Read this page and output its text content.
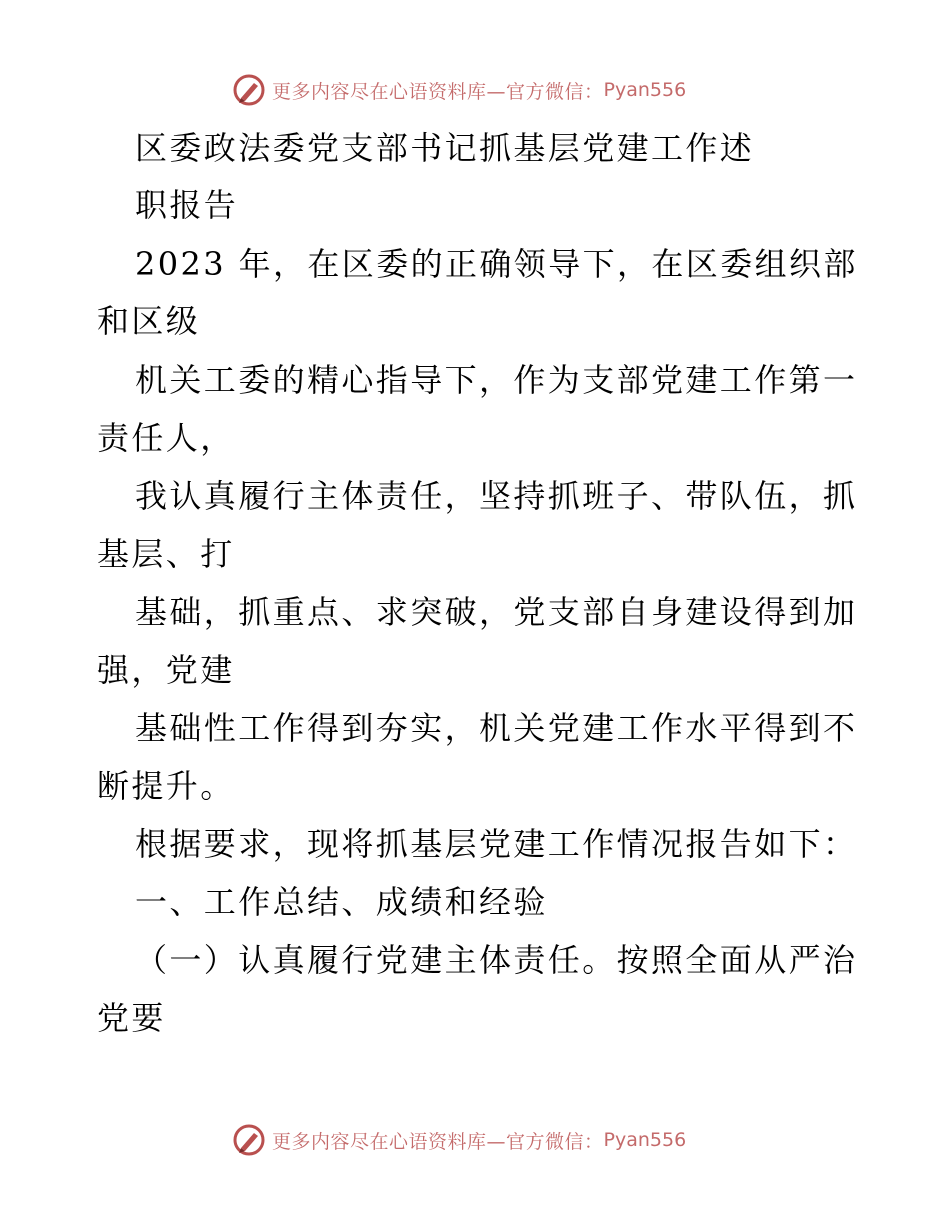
更多内容尽在心语资料库—官方微信： Pyan556
区委政法委党支部书记抓基层党建工作述
职报告
2023 年，在区委的正确领导下，在区委组织部
和区级
机关工委的精心指导下，作为支部党建工作第一
责任人，
我认真履行主体责任，坚持抓班子、带队伍，抓
基层、打
基础，抓重点、求突破，党支部自身建设得到加
强，党建
基础性工作得到夯实，机关党建工作水平得到不
断提升。
根据要求，现将抓基层党建工作情况报告如下：
一、工作总结、成绩和经验
（一）认真履行党建主体责任。按照全面从严治
党要
更多内容尽在心语资料库—官方微信： Pyan556
